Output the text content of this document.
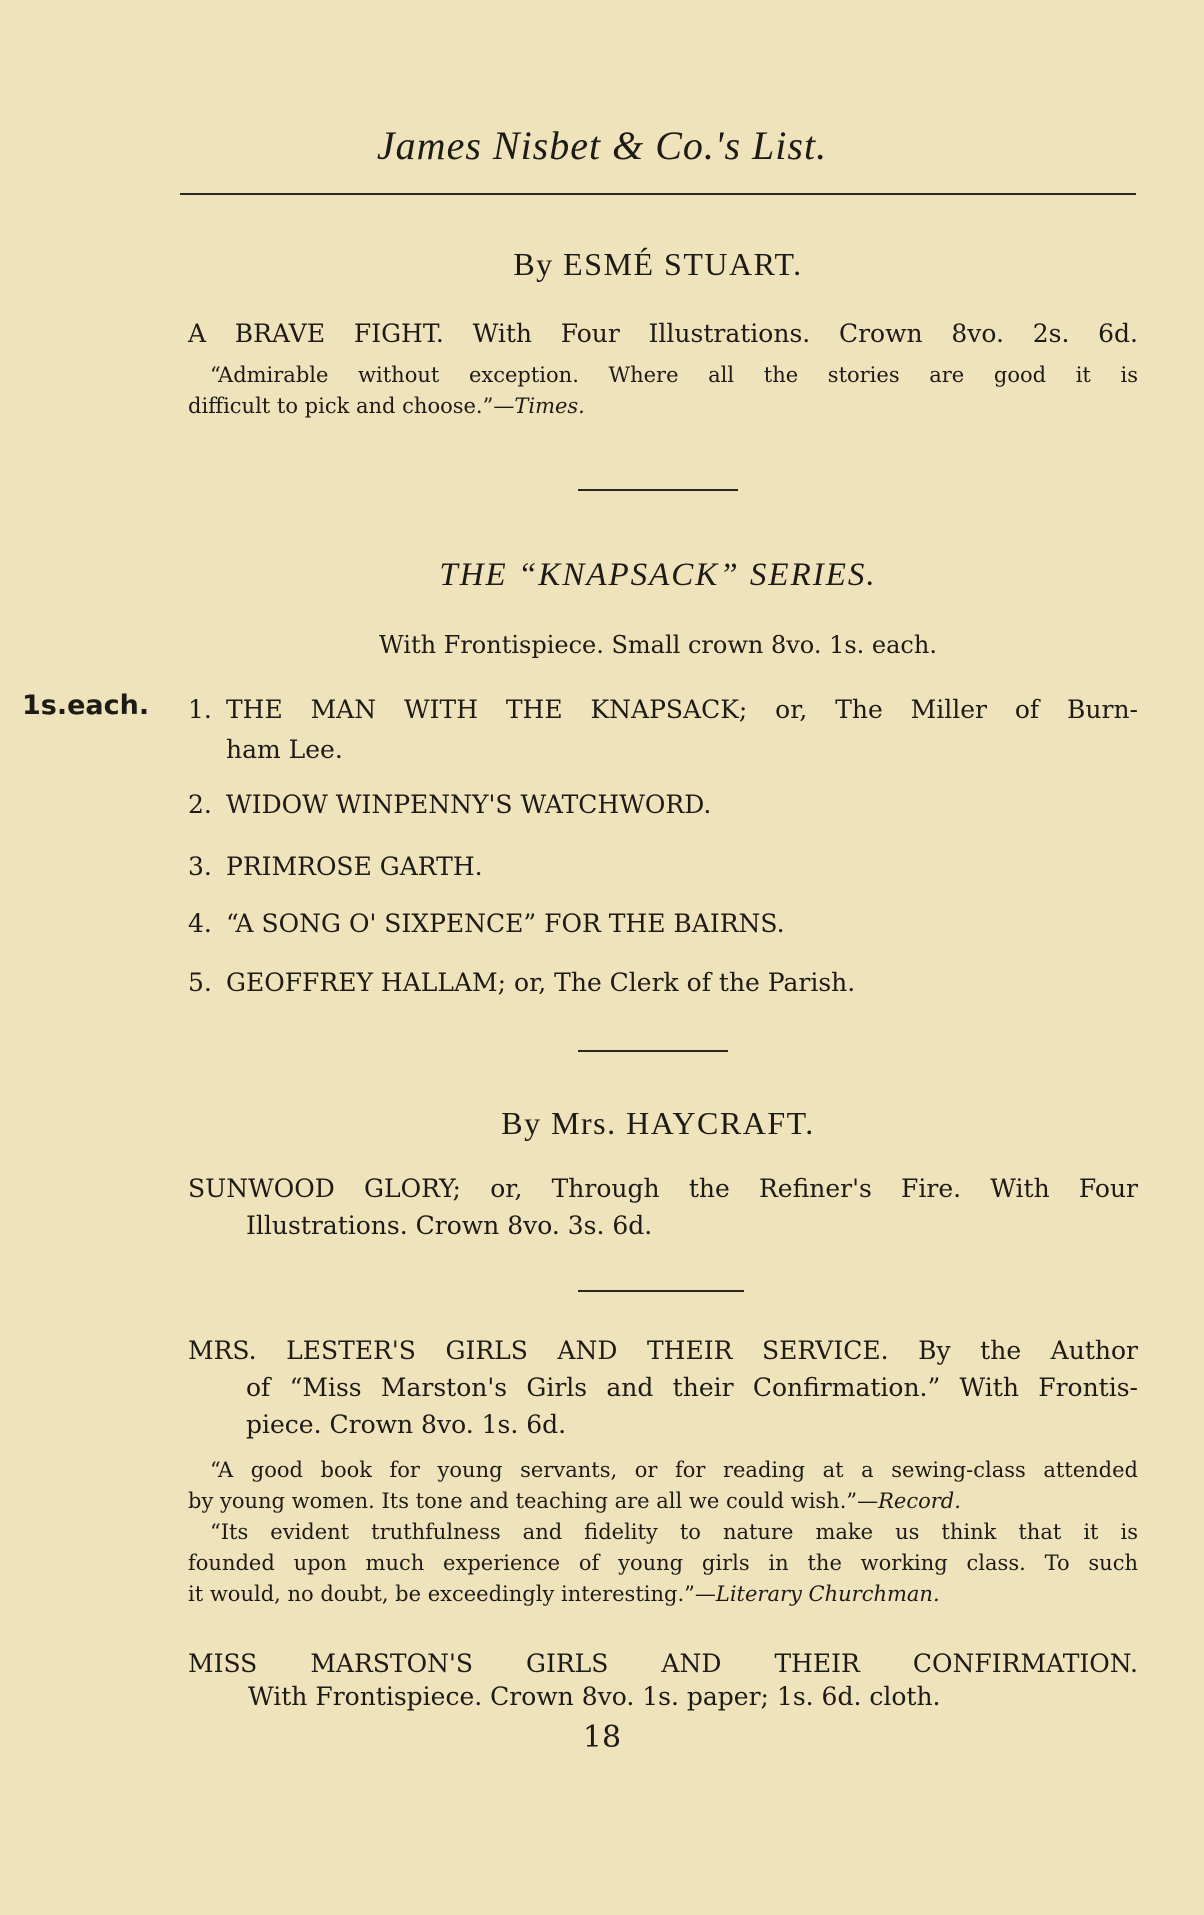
James Nisbet & Co.'s List.
By ESMÉ STUART.
A BRAVE FIGHT. With Four Illustrations. Crown 8vo. 2s. 6d.
“Admirable without exception. Where all the stories are good it is
difficult to pick and choose.”—Times.
THE “KNAPSACK” SERIES.
With Frontispiece. Small crown 8vo. 1s. each.
1s.each. 1. THE MAN WITH THE KNAPSACK; or, The Miller of Burn-
ham Lee.
2. WIDOW WINPENNY'S WATCHWORD.
3. PRIMROSE GARTH.
4. “A SONG O' SIXPENCE” FOR THE BAIRNS.
5. GEOFFREY HALLAM; or, The Clerk of the Parish.
By Mrs. HAYCRAFT.
SUNWOOD GLORY; or, Through the Refiner's Fire. With Four
Illustrations. Crown 8vo. 3s. 6d.
MRS. LESTER'S GIRLS AND THEIR SERVICE. By the Author
of “Miss Marston's Girls and their Confirmation.” With Frontis-
piece. Crown 8vo. 1s. 6d.
“A good book for young servants, or for reading at a sewing-class attended
by young women. Its tone and teaching are all we could wish.”—Record.
“Its evident truthfulness and fidelity to nature make us think that it is
founded upon much experience of young girls in the working class. To such
it would, no doubt, be exceedingly interesting.”—Literary Churchman.
MISS MARSTON'S GIRLS AND THEIR CONFIRMATION.
With Frontispiece. Crown 8vo. 1s. paper; 1s. 6d. cloth.
18
